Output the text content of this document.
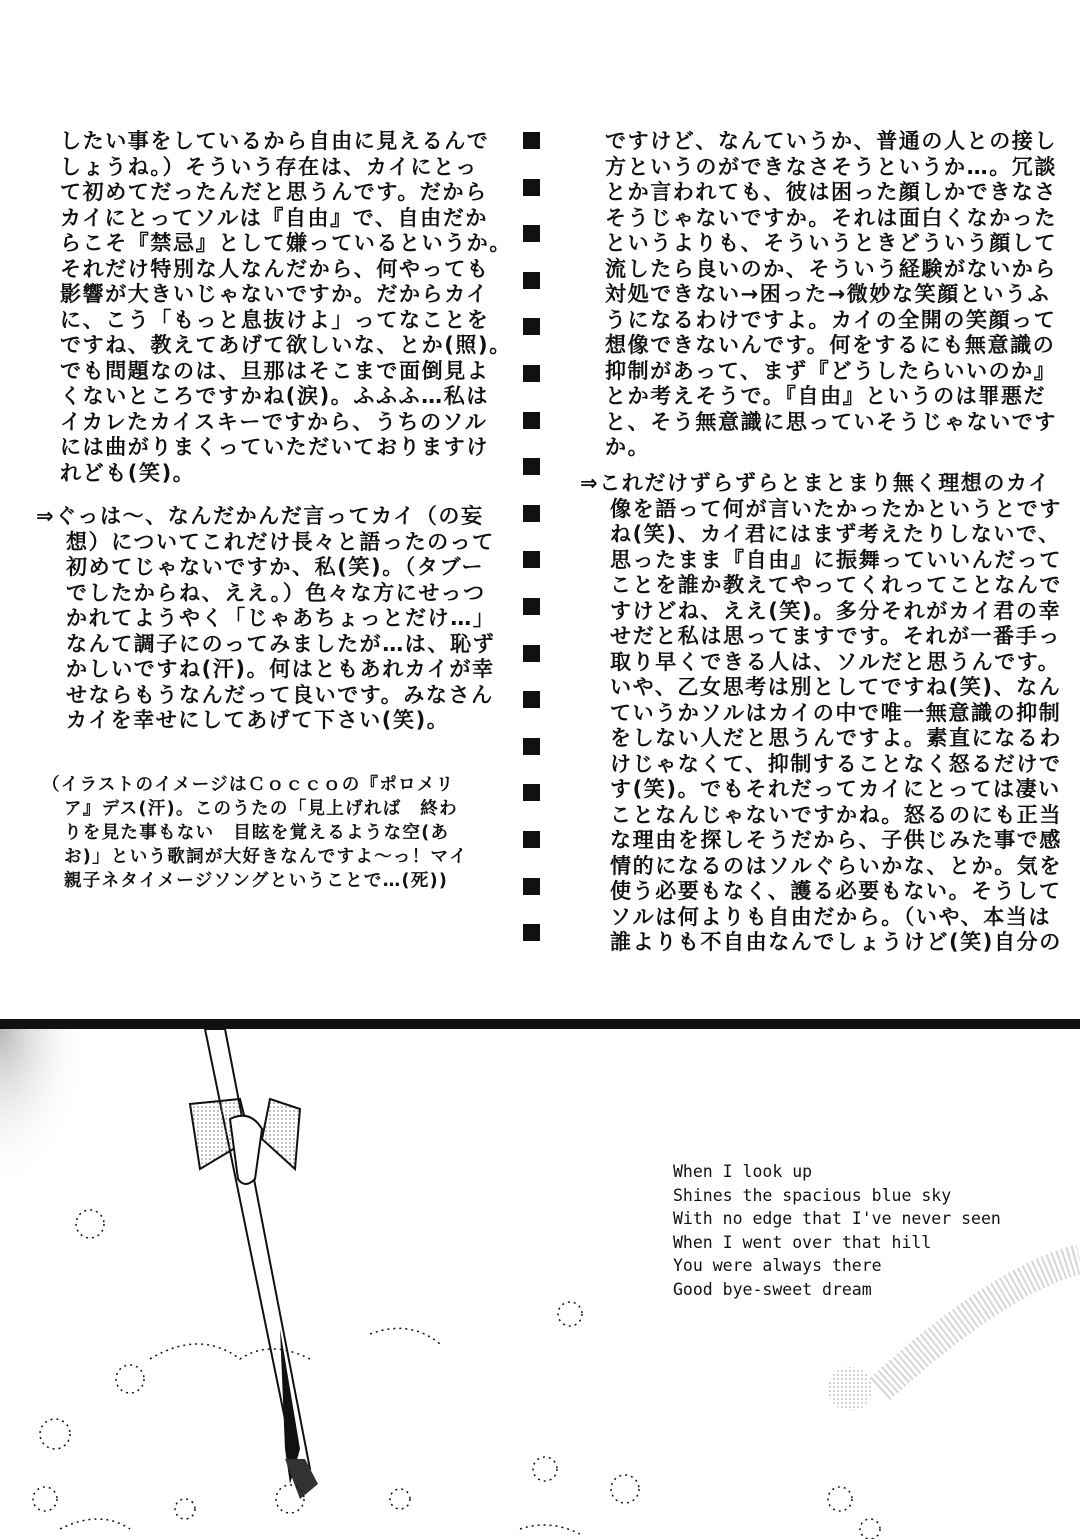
したい事をしているから自由に見えるんで
しょうね。）そういう存在は、カイにとっ
て初めてだったんだと思うんです。だから
カイにとってソルは『自由』で、自由だか
らこそ『禁忌』として嫌っているというか。
それだけ特別な人なんだから、何やっても
影響が大きいじゃないですか。だからカイ
に、こう「もっと息抜けよ」ってなことを
ですね、教えてあげて欲しいな、とか(照)。
でも問題なのは、旦那はそこまで面倒見よ
くないところですかね(涙)。ふふふ…私は
イカレたカイスキーですから、うちのソル
には曲がりまくっていただいておりますけ
れども(笑)。
⇒ぐっは〜、なんだかんだ言ってカイ（の妄
想）についてこれだけ長々と語ったのって
初めてじゃないですか、私(笑)。（タブー
でしたからね、ええ。）色々な方にせっつ
かれてようやく「じゃあちょっとだけ…」
なんて調子にのってみましたが…は、恥ず
かしいですね(汗)。何はともあれカイが幸
せならもうなんだって良いです。みなさん
カイを幸せにしてあげて下さい(笑)。
（イラストのイメージはＣｏｃｃｏの『ポロメリ
ア』デス(汗)。このうたの「見上げれば　終わ
りを見た事もない　目眩を覚えるような空(あ
お)」という歌詞が大好きなんですよ〜っ！マイ
親子ネタイメージソングということで…(死))
ですけど、なんていうか、普通の人との接し
方というのができなさそうというか…。冗談
とか言われても、彼は困った顔しかできなさ
そうじゃないですか。それは面白くなかった
というよりも、そういうときどういう顔して
流したら良いのか、そういう経験がないから
対処できない→困った→微妙な笑顔というふ
うになるわけですよ。カイの全開の笑顔って
想像できないんです。何をするにも無意識の
抑制があって、まず『どうしたらいいのか』
とか考えそうで。『自由』というのは罪悪だ
と、そう無意識に思っていそうじゃないです
か。
⇒これだけずらずらとまとまり無く理想のカイ
像を語って何が言いたかったかというとです
ね(笑)、カイ君にはまず考えたりしないで、
思ったまま『自由』に振舞っていいんだって
ことを誰か教えてやってくれってことなんで
すけどね、ええ(笑)。多分それがカイ君の幸
せだと私は思ってますです。それが一番手っ
取り早くできる人は、ソルだと思うんです。
いや、乙女思考は別としてですね(笑)、なん
ていうかソルはカイの中で唯一無意識の抑制
をしない人だと思うんですよ。素直になるわ
けじゃなくて、抑制することなく怒るだけで
す(笑)。でもそれだってカイにとっては凄い
ことなんじゃないですかね。怒るのにも正当
な理由を探しそうだから、子供じみた事で感
情的になるのはソルぐらいかな、とか。気を
使う必要もなく、護る必要もない。そうして
ソルは何よりも自由だから。（いや、本当は
誰よりも不自由なんでしょうけど(笑)自分の
When I look up
Shines the spacious blue sky
With no edge that I've never seen
When I went over that hill
You were always there
Good bye-sweet dream
